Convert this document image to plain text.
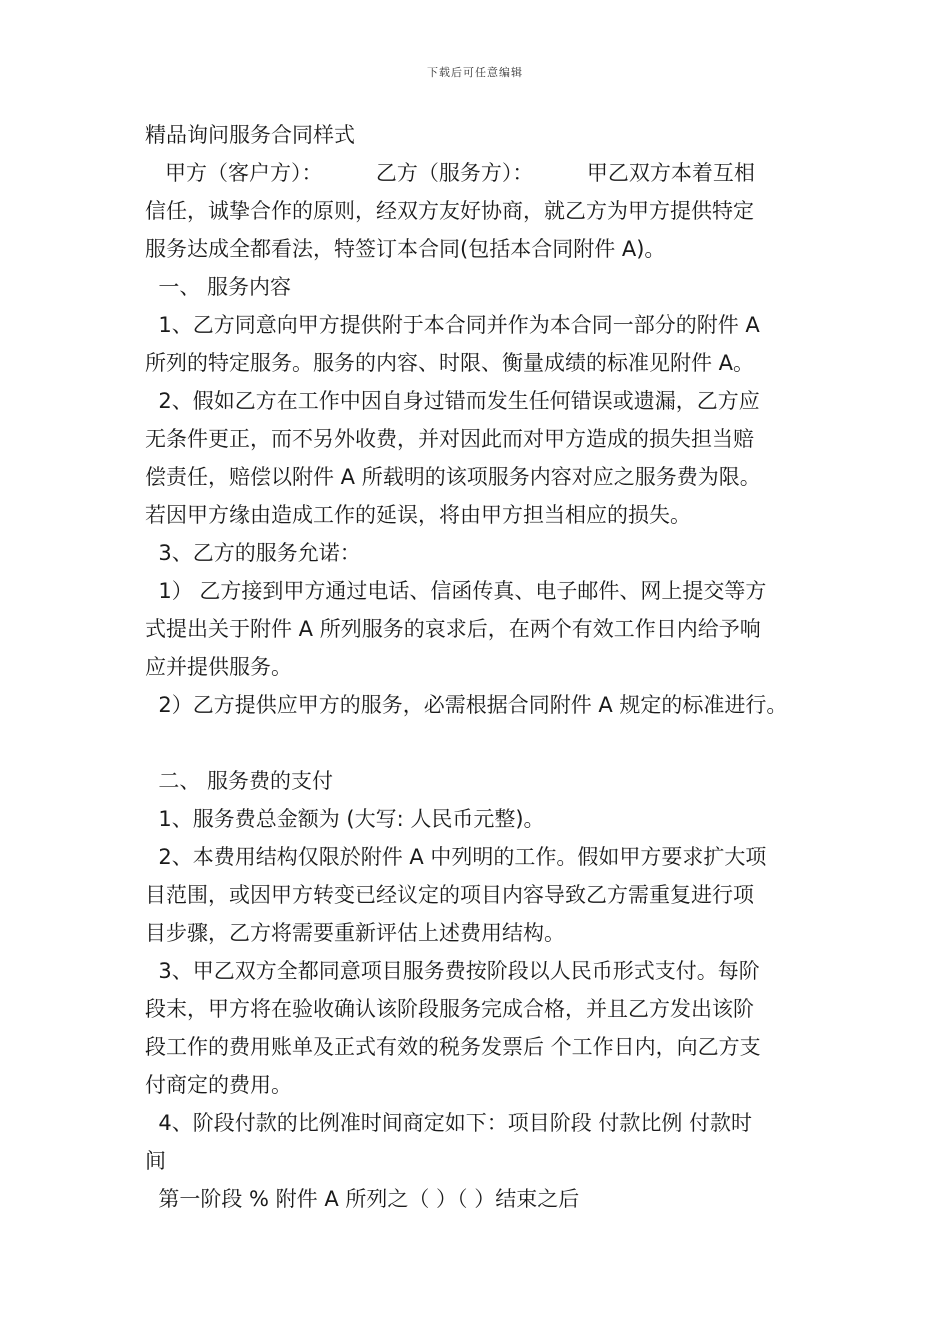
下载后可任意编辑
精品询问服务合同样式
甲方（客户方）：        乙方（服务方）：        甲乙双方本着互相
信任，诚挚合作的原则，经双方友好协商，就乙方为甲方提供特定
服务达成全都看法，特签订本合同(包括本合同附件 A)。
一、 服务内容
1、乙方同意向甲方提供附于本合同并作为本合同一部分的附件 A
所列的特定服务。服务的内容、时限、衡量成绩的标准见附件 A。
2、假如乙方在工作中因自身过错而发生任何错误或遗漏，乙方应
无条件更正，而不另外收费，并对因此而对甲方造成的损失担当赔
偿责任，赔偿以附件 A 所载明的该项服务内容对应之服务费为限。
若因甲方缘由造成工作的延误，将由甲方担当相应的损失。
3、乙方的服务允诺：
1） 乙方接到甲方通过电话、信函传真、电子邮件、网上提交等方
式提出关于附件 A 所列服务的哀求后，在两个有效工作日内给予响
应并提供服务。
2）乙方提供应甲方的服务，必需根据合同附件 A 规定的标准进行。
二、 服务费的支付
1、服务费总金额为 (大写: 人民币元整)。
2、本费用结构仅限於附件 A 中列明的工作。假如甲方要求扩大项
目范围，或因甲方转变已经议定的项目内容导致乙方需重复进行项
目步骤，乙方将需要重新评估上述费用结构。
3、甲乙双方全都同意项目服务费按阶段以人民币形式支付。每阶
段末，甲方将在验收确认该阶段服务完成合格，并且乙方发出该阶
段工作的费用账单及正式有效的税务发票后 个工作日内，向乙方支
付商定的费用。
4、阶段付款的比例准时间商定如下：项目阶段 付款比例 付款时
间
第一阶段 % 附件 A 所列之（ ）（ ）结束之后
